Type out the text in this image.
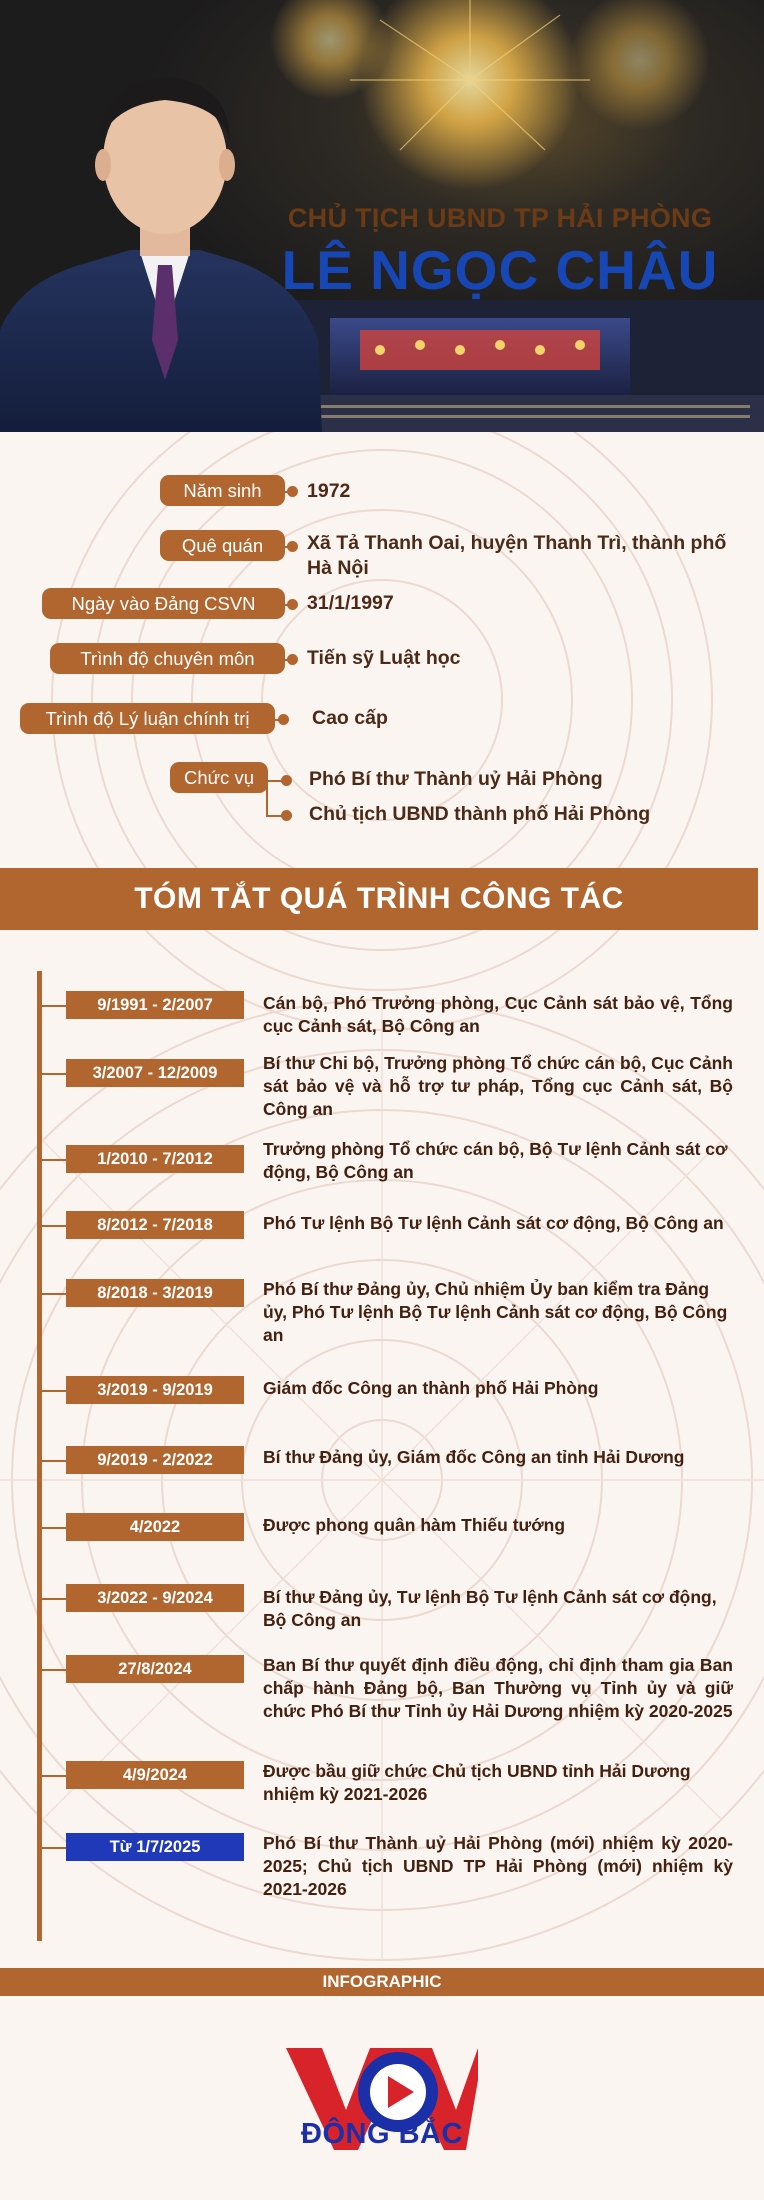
CHỦ TỊCH UBND TP HẢI PHÒNG
LÊ NGỌC CHÂU
Năm sinh	1972
Quê quán	Xã Tả Thanh Oai, huyện Thanh Trì, thành phố
Hà Nội
Ngày vào Đảng CSVN	31/1/1997
Trình độ chuyên môn	Tiến sỹ Luật học
Trình độ Lý luận chính trị	Cao cấp
Chức vụ	Phó Bí thư Thành uỷ Hải Phòng
Chủ tịch UBND thành phố Hải Phòng
TÓM TẮT QUÁ TRÌNH CÔNG TÁC
9/1991 - 2/2007	Cán bộ, Phó Trưởng phòng, Cục Cảnh sát bảo vệ, Tổng cục Cảnh sát, Bộ Công an
3/2007 - 12/2009	Bí thư Chi bộ, Trưởng phòng Tổ chức cán bộ, Cục Cảnh sát bảo vệ và hỗ trợ tư pháp, Tổng cục Cảnh sát, Bộ Công an
1/2010 - 7/2012	Trưởng phòng Tổ chức cán bộ, Bộ Tư lệnh Cảnh sát cơ động, Bộ Công an
8/2012 - 7/2018	Phó Tư lệnh Bộ Tư lệnh Cảnh sát cơ động, Bộ Công an
8/2018 - 3/2019	Phó Bí thư Đảng ủy, Chủ nhiệm Ủy ban kiểm tra Đảng ủy, Phó Tư lệnh Bộ Tư lệnh Cảnh sát cơ động, Bộ Công an
3/2019 - 9/2019	Giám đốc Công an thành phố Hải Phòng
9/2019 - 2/2022	Bí thư Đảng ủy, Giám đốc Công an tỉnh Hải Dương
4/2022	Được phong quân hàm Thiếu tướng
3/2022 - 9/2024	Bí thư Đảng ủy, Tư lệnh Bộ Tư lệnh Cảnh sát cơ động, Bộ Công an
27/8/2024	Ban Bí thư quyết định điều động, chỉ định tham gia Ban chấp hành Đảng bộ, Ban Thường vụ Tỉnh ủy và giữ chức Phó Bí thư Tỉnh ủy Hải Dương nhiệm kỳ 2020-2025
4/9/2024	Được bầu giữ chức Chủ tịch UBND tỉnh Hải Dương nhiệm kỳ 2021-2026
Từ 1/7/2025	Phó Bí thư Thành uỷ Hải Phòng (mới) nhiệm kỳ 2020-2025; Chủ tịch UBND TP Hải Phòng (mới) nhiệm kỳ 2021-2026
INFOGRAPHIC
ĐÔNG BẮC
